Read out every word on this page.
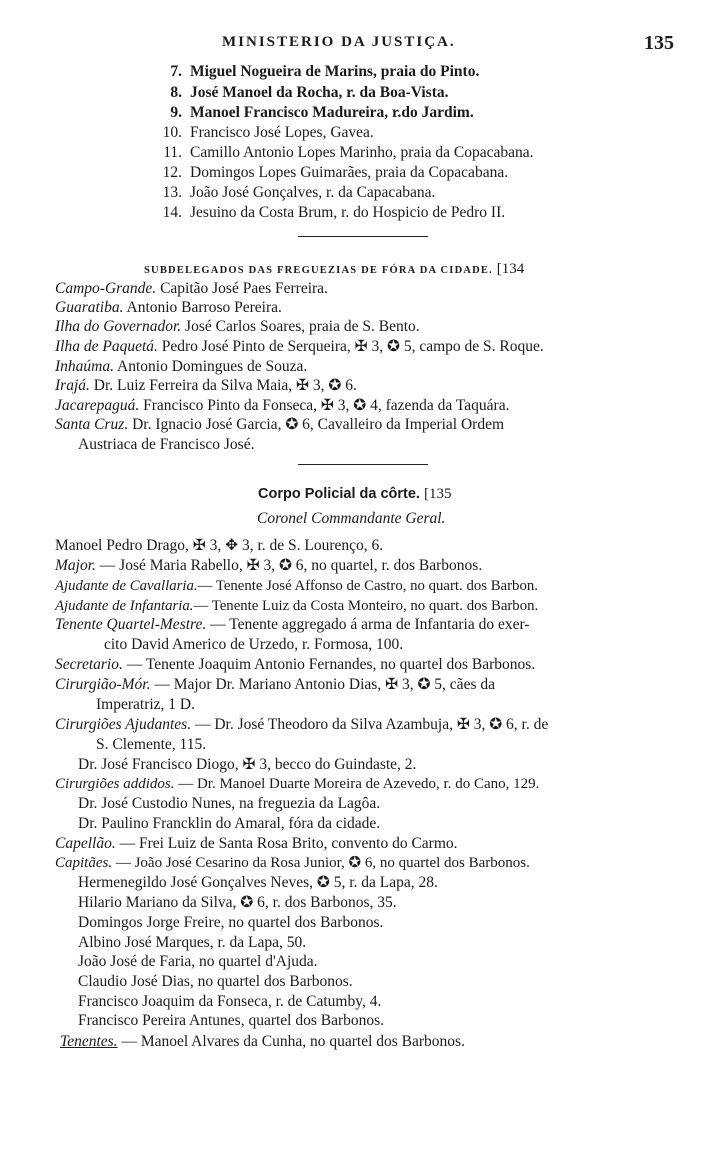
MINISTERIO DA JUSTIÇA.	135
7. Miguel Nogueira de Marins, praia do Pinto.
8. José Manoel da Rocha, r. da Boa-Vista.
9. Manoel Francisco Madureira, r.do Jardim.
10. Francisco José Lopes, Gavea.
11. Camillo Antonio Lopes Marinho, praia da Copacabana.
12. Domingos Lopes Guimarães, praia da Copacabana.
13. João José Gonçalves, r. da Capacabana.
14. Jesuino da Costa Brum, r. do Hospicio de Pedro II.
SUBDELEGADOS DAS FREGUEZIAS DE FÓRA DA CIDADE. [134
Campo-Grande. Capitão José Paes Ferreira.
Guaratiba. Antonio Barroso Pereira.
Ilha do Governador. José Carlos Soares, praia de S. Bento.
Ilha de Paquetá. Pedro José Pinto de Serqueira, ✠ 3, ✪ 5, campo de S. Roque.
Inhaúma. Antonio Domingues de Souza.
Irajá. Dr. Luiz Ferreira da Silva Maia, ✠ 3, ✪ 6.
Jacarepaguá. Francisco Pinto da Fonseca, ✠ 3, ✪ 4, fazenda da Taquára.
Santa Cruz. Dr. Ignacio José Garcia, ✪ 6, Cavalleiro da Imperial Ordem
Austriaca de Francisco José.
Corpo Policial da côrte. [135
Coronel Commandante Geral.
Manoel Pedro Drago, ✠ 3, ✥ 3, r. de S. Lourenço, 6.
Major. — José Maria Rabello, ✠ 3, ✪ 6, no quartel, r. dos Barbonos.
Ajudante de Cavallaria.— Tenente José Affonso de Castro, no quart. dos Barbon.
Ajudante de Infantaria.— Tenente Luiz da Costa Monteiro, no quart. dos Barbon.
Tenente Quartel-Mestre. — Tenente aggregado á arma de Infantaria do exer-
cito David Americo de Urzedo, r. Formosa, 100.
Secretario. — Tenente Joaquim Antonio Fernandes, no quartel dos Barbonos.
Cirurgião-Mór. — Major Dr. Mariano Antonio Dias, ✠ 3, ✪ 5, cães da
Imperatriz, 1 D.
Cirurgiões Ajudantes. — Dr. José Theodoro da Silva Azambuja, ✠ 3, ✪ 6, r. de
S. Clemente, 115.
Dr. José Francisco Diogo, ✠ 3, becco do Guindaste, 2.
Cirurgiões addidos. — Dr. Manoel Duarte Moreira de Azevedo, r. do Cano, 129.
Dr. José Custodio Nunes, na freguezia da Lagôa.
Dr. Paulino Francklin do Amaral, fóra da cidade.
Capellão. — Frei Luiz de Santa Rosa Brito, convento do Carmo.
Capitães. — João José Cesarino da Rosa Junior, ✪ 6, no quartel dos Barbonos.
Hermenegildo José Gonçalves Neves, ✪ 5, r. da Lapa, 28.
Hilario Mariano da Silva, ✪ 6, r. dos Barbonos, 35.
Domingos Jorge Freire, no quartel dos Barbonos.
Albino José Marques, r. da Lapa, 50.
João José de Faria, no quartel d'Ajuda.
Claudio José Dias, no quartel dos Barbonos.
Francisco Joaquim da Fonseca, r. de Catumby, 4.
Francisco Pereira Antunes, quartel dos Barbonos.
Tenentes. — Manoel Alvares da Cunha, no quartel dos Barbonos.
